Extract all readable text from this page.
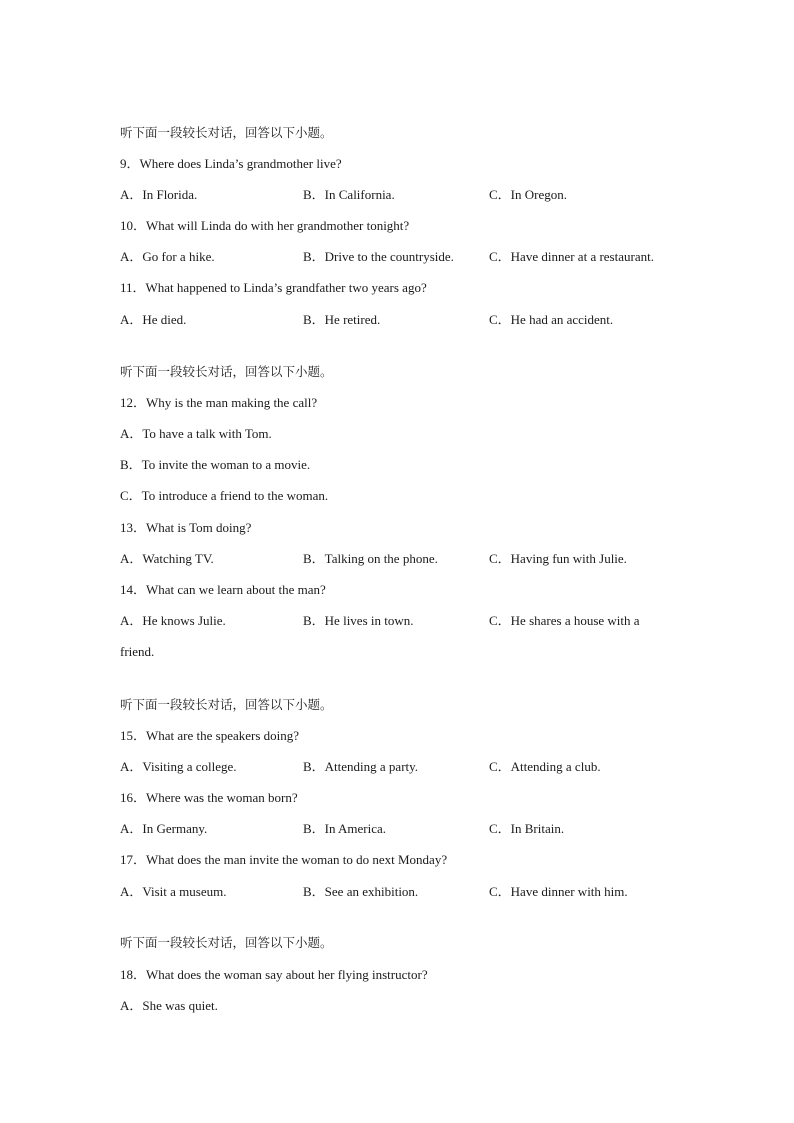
听下面一段较长对话，回答以下小题。
9．Where does Linda’s grandmother live?
A．In Florida.	B．In California.	C．In Oregon.
10．What will Linda do with her grandmother tonight?
A．Go for a hike.	B．Drive to the countryside.	C．Have dinner at a restaurant.
11．What happened to Linda’s grandfather two years ago?
A．He died.	B．He retired.	C．He had an accident.
听下面一段较长对话，回答以下小题。
12．Why is the man making the call?
A．To have a talk with Tom.
B．To invite the woman to a movie.
C．To introduce a friend to the woman.
13．What is Tom doing?
A．Watching TV.	B．Talking on the phone.	C．Having fun with Julie.
14．What can we learn about the man?
A．He knows Julie.	B．He lives in town.	C．He shares a house with a
friend.
听下面一段较长对话，回答以下小题。
15．What are the speakers doing?
A．Visiting a college.	B．Attending a party.	C．Attending a club.
16．Where was the woman born?
A．In Germany.	B．In America.	C．In Britain.
17．What does the man invite the woman to do next Monday?
A．Visit a museum.	B．See an exhibition.	C．Have dinner with him.
听下面一段较长对话，回答以下小题。
18．What does the woman say about her flying instructor?
A．She was quiet.
